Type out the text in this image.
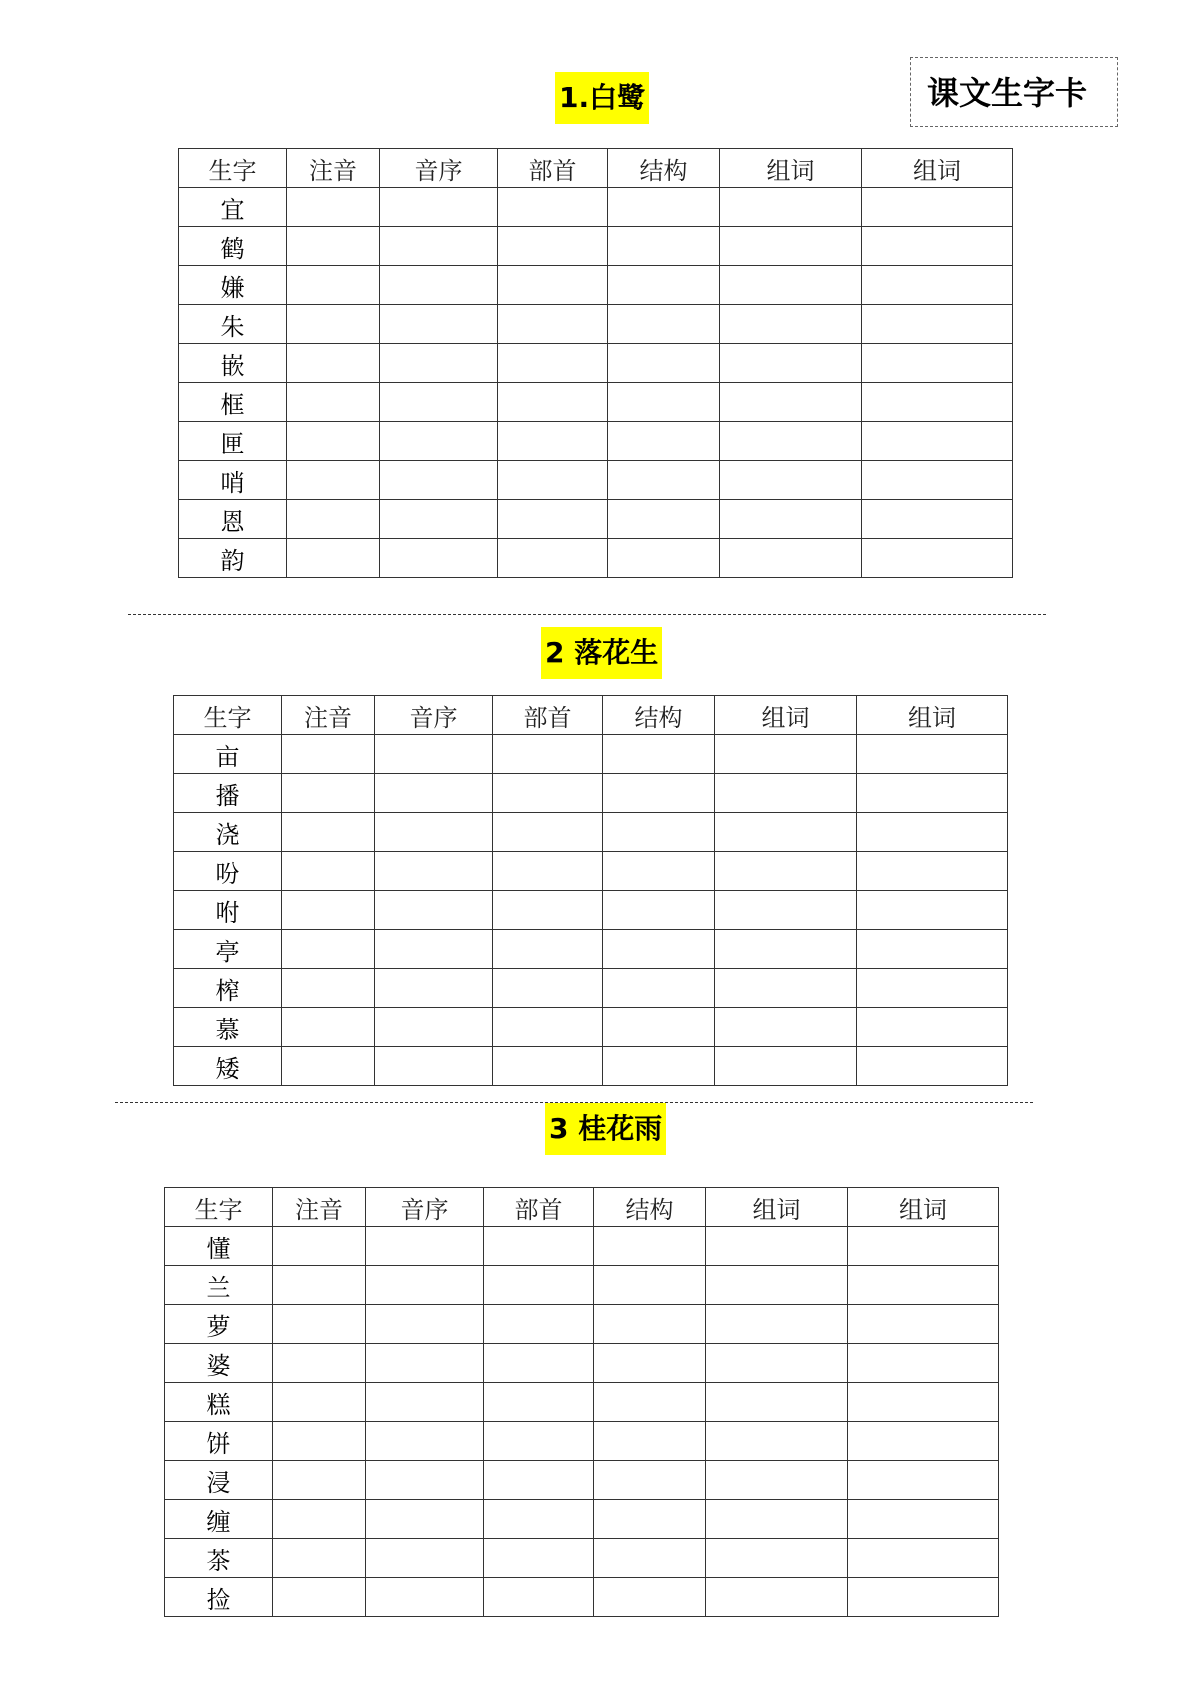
课文生字卡
1.白鹭
生字	注音	音序	部首	结构	组词	组词
宜						
鹤						
嫌						
朱						
嵌						
框						
匣						
哨						
恩						
韵						
2 落花生
生字	注音	音序	部首	结构	组词	组词
亩						
播						
浇						
吩						
咐						
亭						
榨						
慕						
矮						
3 桂花雨
生字	注音	音序	部首	结构	组词	组词
懂						
兰						
萝						
婆						
糕						
饼						
浸						
缠						
茶						
捡						
